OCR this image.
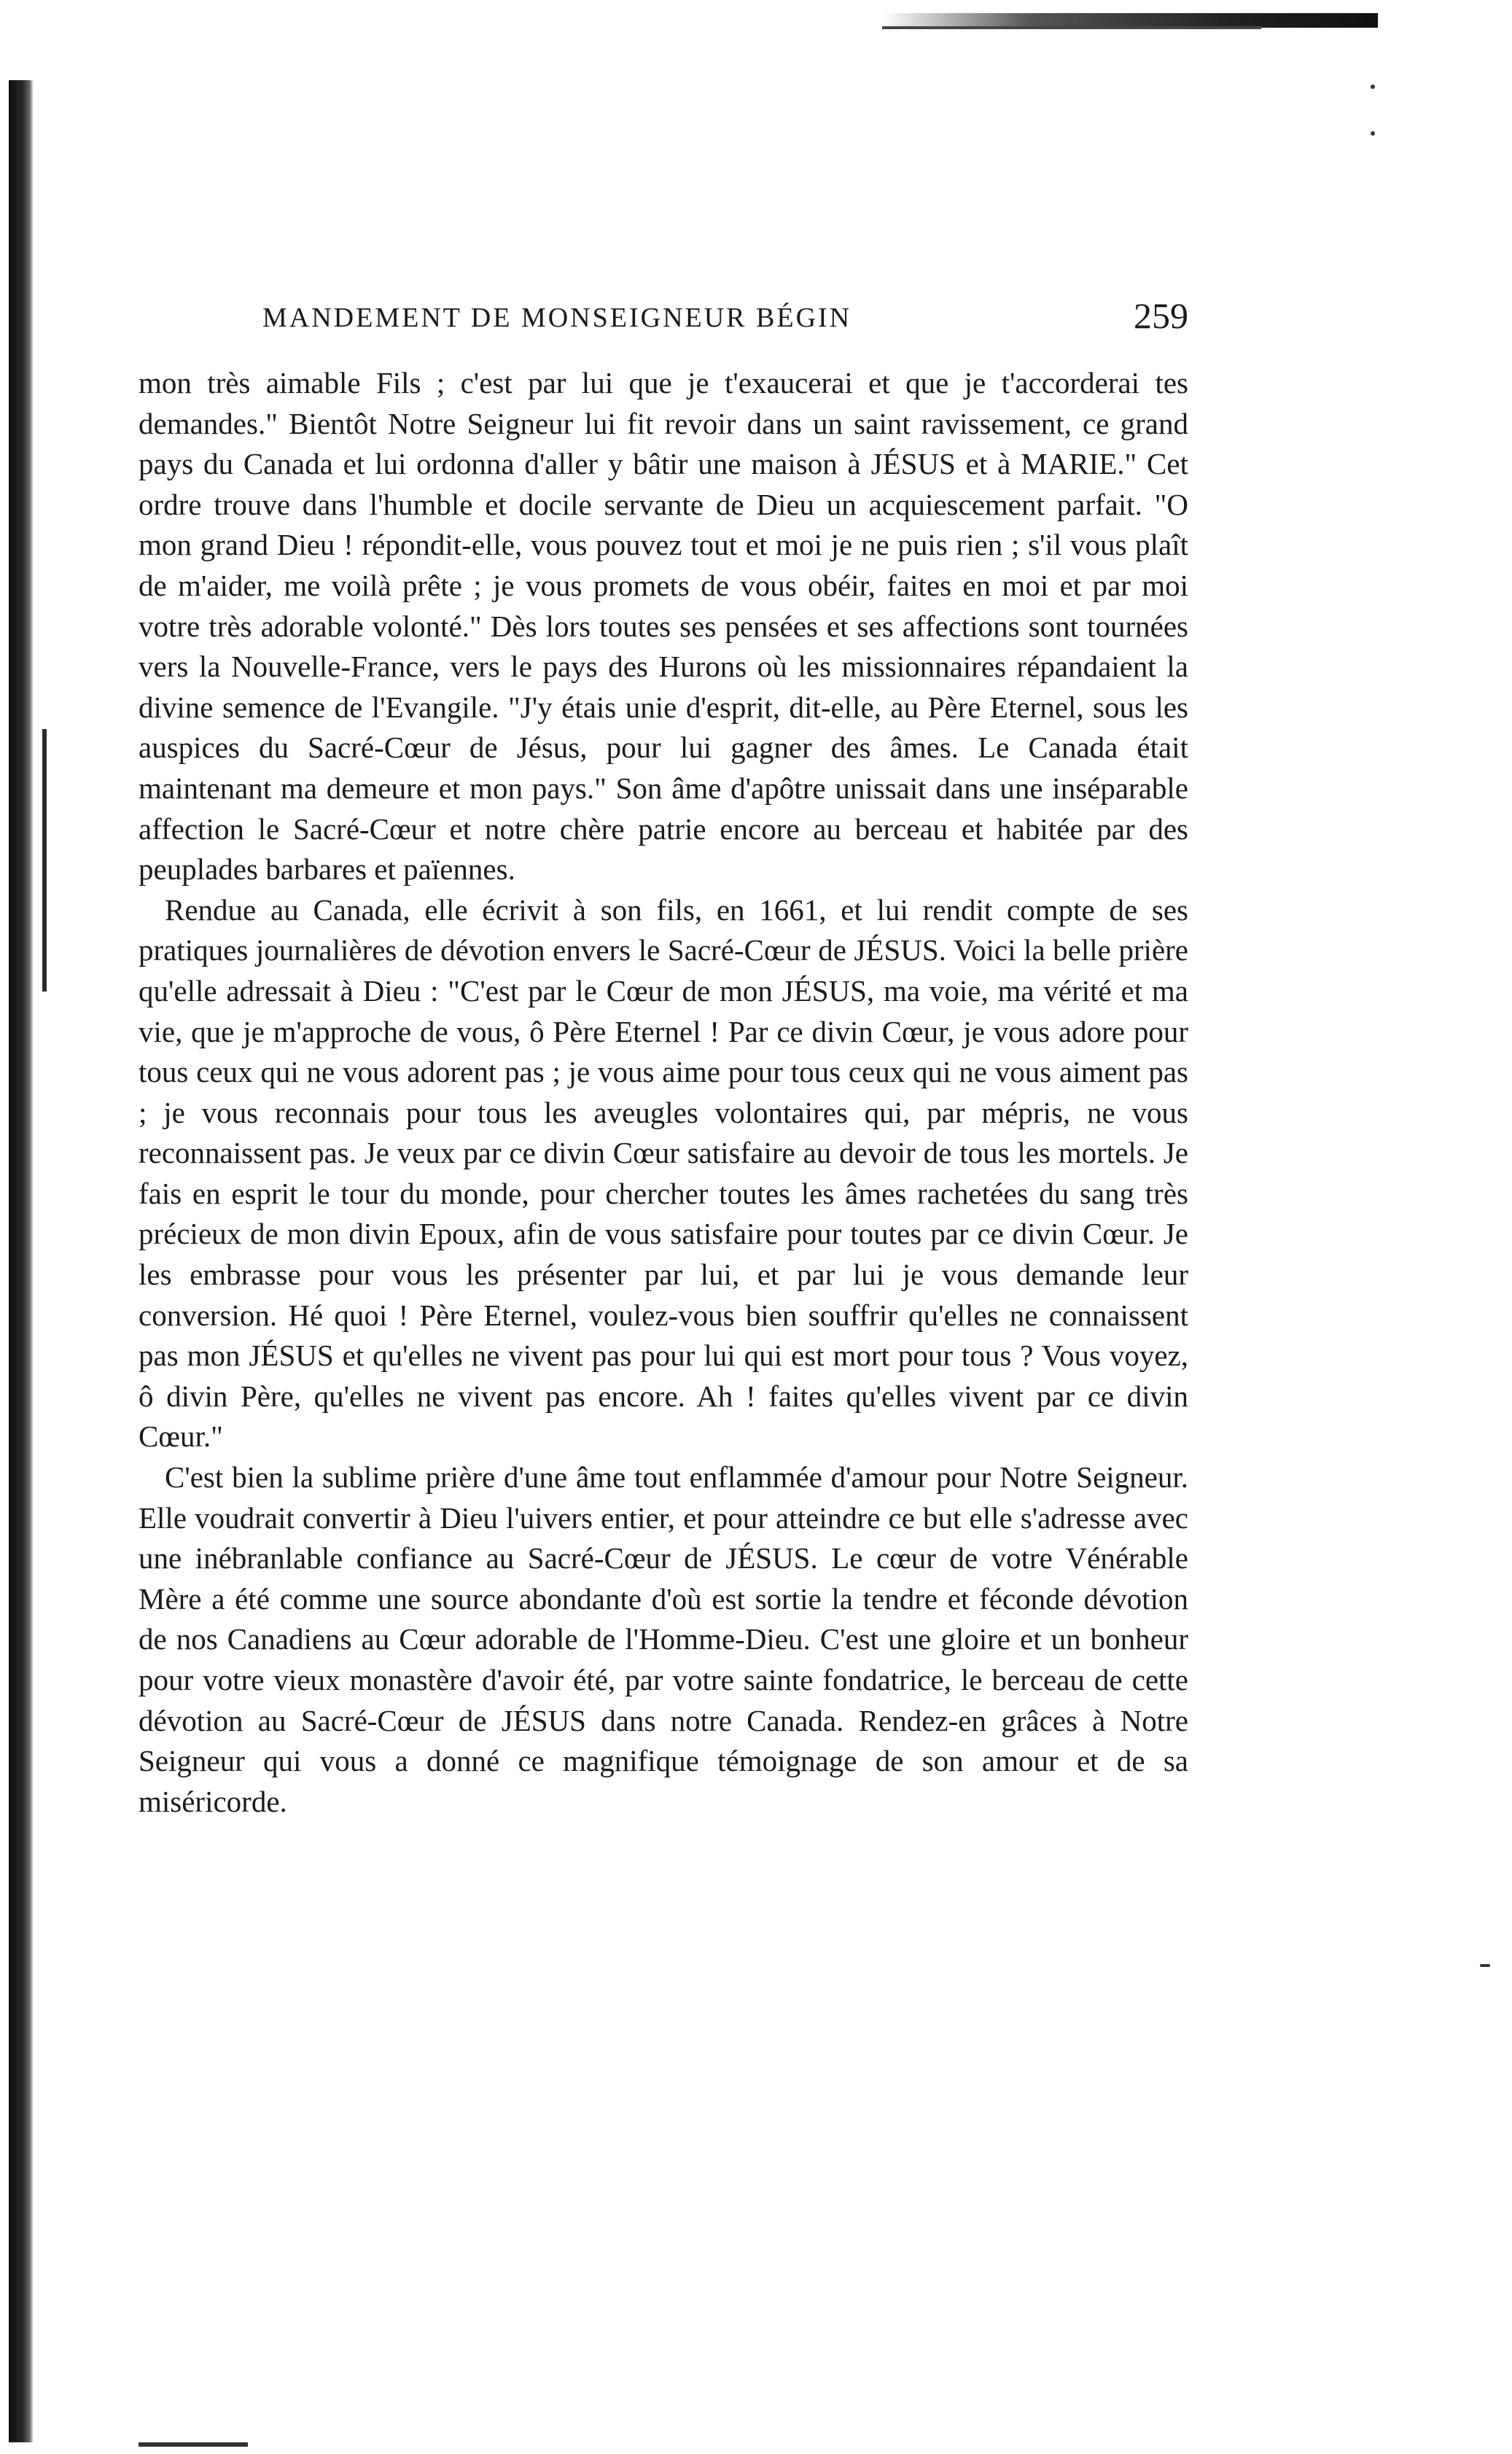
MANDEMENT DE MONSEIGNEUR BÉGIN	259

mon très aimable Fils ; c'est par lui que je t'exaucerai et que je t'accorderai tes demandes." Bientôt Notre Seigneur lui fit revoir dans un saint ravissement, ce grand pays du Canada et lui ordonna d'aller y bâtir une maison à JÉSUS et à MARIE." Cet ordre trouve dans l'humble et docile servante de Dieu un acquiescement parfait. "O mon grand Dieu ! répondit-elle, vous pouvez tout et moi je ne puis rien ; s'il vous plaît de m'aider, me voilà prête ; je vous promets de vous obéir, faites en moi et par moi votre très adorable volonté." Dès lors toutes ses pensées et ses affections sont tournées vers la Nouvelle-France, vers le pays des Hurons où les missionnaires répandaient la divine semence de l'Evangile. "J'y étais unie d'esprit, dit-elle, au Père Eternel, sous les auspices du Sacré-Cœur de Jésus, pour lui gagner des âmes. Le Canada était maintenant ma demeure et mon pays." Son âme d'apôtre unissait dans une inséparable affection le Sacré-Cœur et notre chère patrie encore au berceau et habitée par des peuplades barbares et païennes.

Rendue au Canada, elle écrivit à son fils, en 1661, et lui rendit compte de ses pratiques journalières de dévotion envers le Sacré-Cœur de JÉSUS. Voici la belle prière qu'elle adressait à Dieu : "C'est par le Cœur de mon JÉSUS, ma voie, ma vérité et ma vie, que je m'approche de vous, ô Père Eternel ! Par ce divin Cœur, je vous adore pour tous ceux qui ne vous adorent pas ; je vous aime pour tous ceux qui ne vous aiment pas ; je vous reconnais pour tous les aveugles volontaires qui, par mépris, ne vous reconnaissent pas. Je veux par ce divin Cœur satisfaire au devoir de tous les mortels. Je fais en esprit le tour du monde, pour chercher toutes les âmes rachetées du sang très précieux de mon divin Epoux, afin de vous satisfaire pour toutes par ce divin Cœur. Je les embrasse pour vous les présenter par lui, et par lui je vous demande leur conversion. Hé quoi ! Père Eternel, voulez-vous bien souffrir qu'elles ne connaissent pas mon JÉSUS et qu'elles ne vivent pas pour lui qui est mort pour tous ? Vous voyez, ô divin Père, qu'elles ne vivent pas encore. Ah ! faites qu'elles vivent par ce divin Cœur."

C'est bien la sublime prière d'une âme tout enflammée d'amour pour Notre Seigneur. Elle voudrait convertir à Dieu l'uivers entier, et pour atteindre ce but elle s'adresse avec une inébranlable confiance au Sacré-Cœur de JÉSUS. Le cœur de votre Vénérable Mère a été comme une source abondante d'où est sortie la tendre et féconde dévotion de nos Canadiens au Cœur adorable de l'Homme-Dieu. C'est une gloire et un bonheur pour votre vieux monastère d'avoir été, par votre sainte fondatrice, le berceau de cette dévotion au Sacré-Cœur de JÉSUS dans notre Canada. Rendez-en grâces à Notre Seigneur qui vous a donné ce magnifique témoignage de son amour et de sa miséricorde.
